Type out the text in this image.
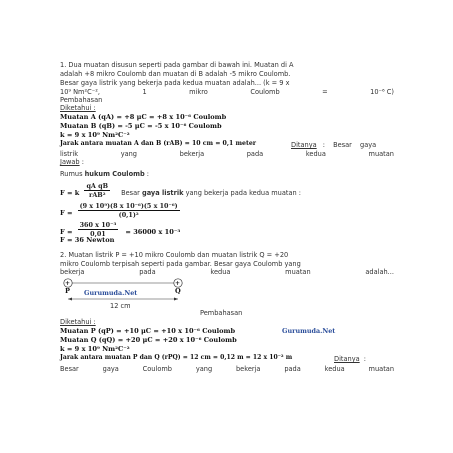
1. Dua muatan disusun seperti pada gambar di bawah ini. Muatan di A
adalah +8 mikro Coulomb dan muatan di B adalah -5 mikro Coulomb.
Besar gaya listrik yang bekerja pada kedua muatan adalah... (k = 9 x
10⁹ Nm²C⁻²,	1	mikro	Coulomb	=	10⁻⁶ C)
Pembahasan
Diketahui :
Muatan A (qA) = +8 μC = +8 x 10⁻⁶ Coulomb
Muatan B (qB) = -5 μC = -5 x 10⁻⁶ Coulomb
k = 9 x 10⁹ Nm²C⁻²
Jarak antara muatan A dan B (rAB) = 10 cm = 0,1 meter	Ditanya : Besar gaya
listrik	yang	bekerja	pada	kedua	muatan
Jawab :
Rumus hukum Coulomb :
F = k $\frac{\text{qA qB}}{\text{rAB²}}$ Besar gaya listrik yang bekerja pada kedua muatan :
$F = \frac{\text{(9 x 10⁹)(8 x 10⁻⁶)(5 x 10⁻⁶)}}{\text{(0,1)²}}$
$F = \frac{\text{360 x 10⁻³}}{0,01} = 36000$ x 10⁻³
F = 36 Newton
2. Muatan listrik P = +10 mikro Coulomb dan muatan listrik Q = +20
mikro Coulomb terpisah seperti pada gambar. Besar gaya Coulomb yang
bekerja	pada	kedua	muatan	adalah...
+	+
P	Q
Gurumuda.Net
12 cm
Pembahasan
Diketahui :
Muatan P (qP) = +10 μC = +10 x 10⁻⁶ Coulomb	Gurumuda.Net
Muatan Q (qQ) = +20 μC = +20 x 10⁻⁶ Coulomb
k = 9 x 10⁹ Nm²C⁻²
Jarak antara muatan P dan Q (rPQ) = 12 cm = 0,12 m = 12 x 10⁻² m	Ditanya :
Besar	gaya	Coulomb	yang	bekerja	pada	kedua	muatan
